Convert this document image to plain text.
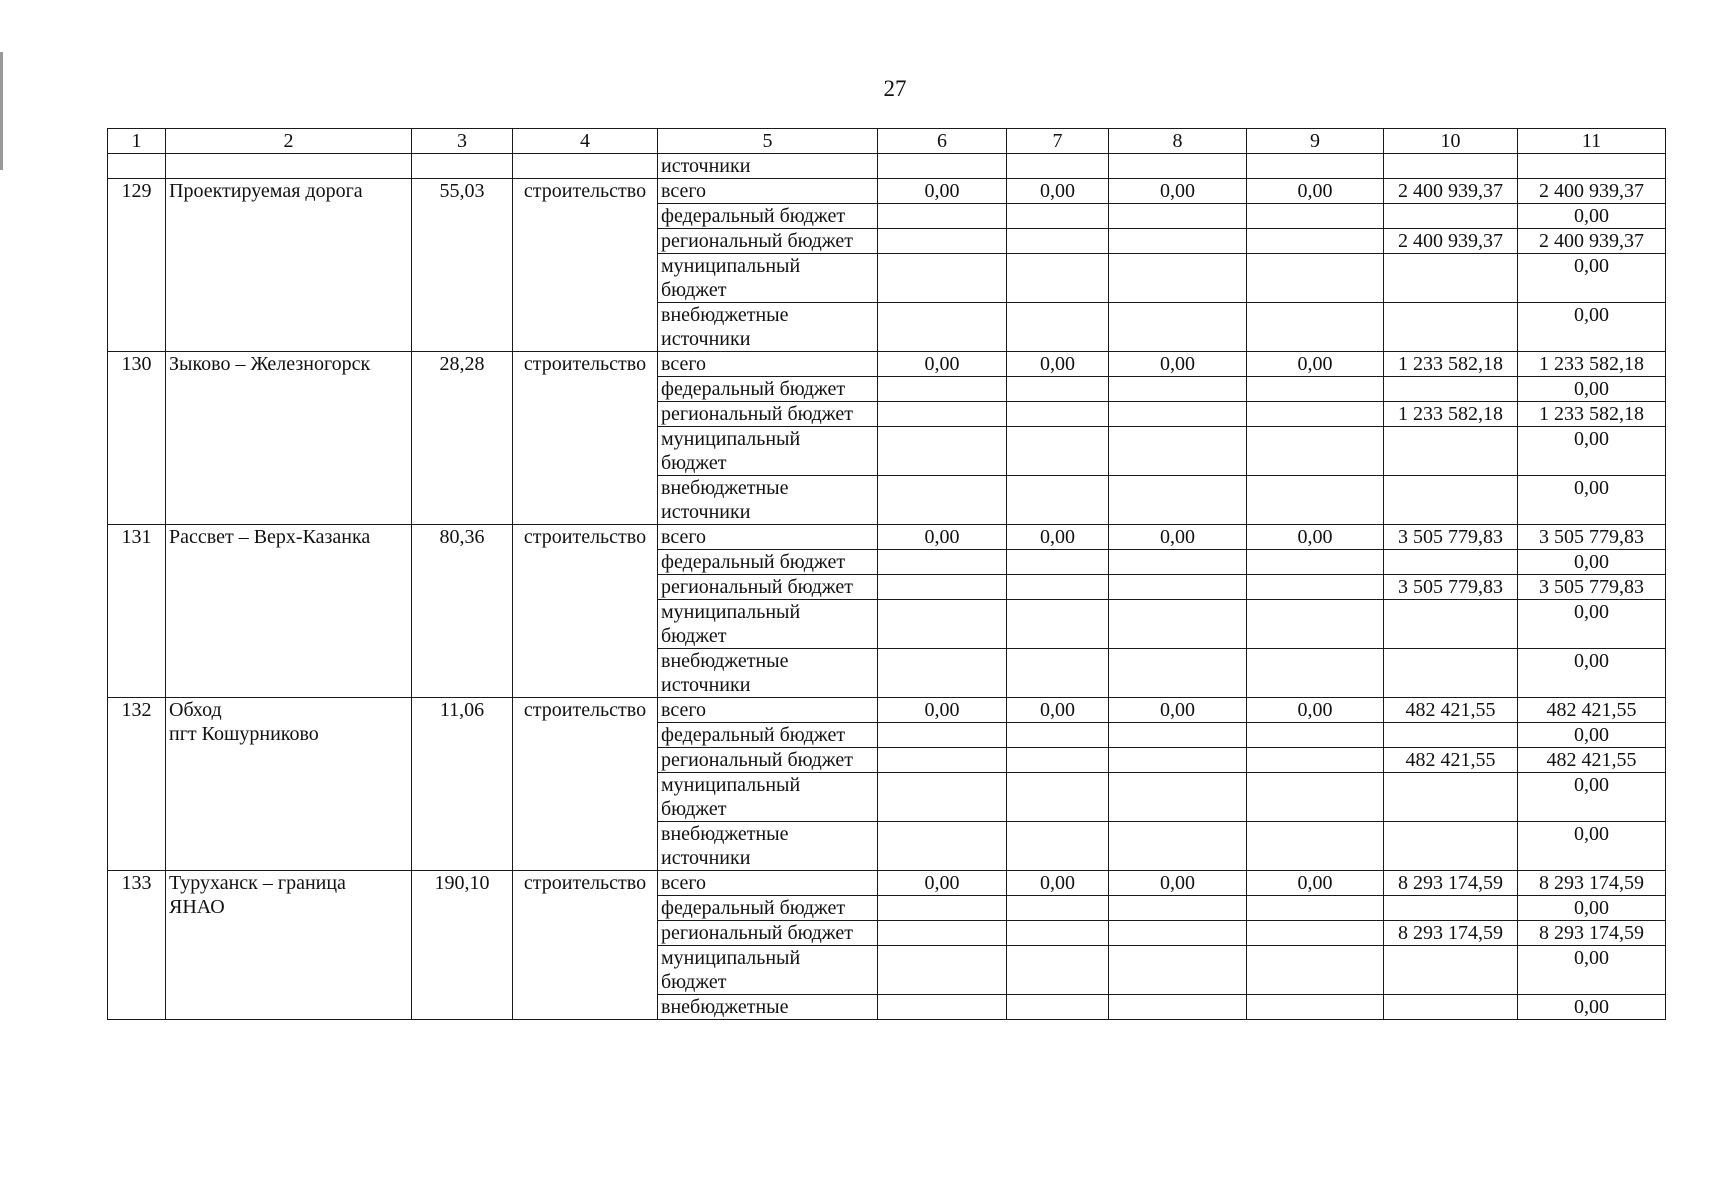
27
1	2	3	4	5	6	7	8	9	10	11
				источники						
129	Проектируемая дорога	55,03	строительство	всего	0,00	0,00	0,00	0,00	2 400 939,37	2 400 939,37
				федеральный бюджет						0,00
				региональный бюджет					2 400 939,37	2 400 939,37
				муниципальный
бюджет						0,00
				внебюджетные
источники						0,00
130	Зыково – Железногорск	28,28	строительство	всего	0,00	0,00	0,00	0,00	1 233 582,18	1 233 582,18
				федеральный бюджет						0,00
				региональный бюджет					1 233 582,18	1 233 582,18
				муниципальный
бюджет						0,00
				внебюджетные
источники						0,00
131	Рассвет – Верх-Казанка	80,36	строительство	всего	0,00	0,00	0,00	0,00	3 505 779,83	3 505 779,83
				федеральный бюджет						0,00
				региональный бюджет					3 505 779,83	3 505 779,83
				муниципальный
бюджет						0,00
				внебюджетные
источники						0,00
132	Обход
пгт Кошурниково	11,06	строительство	всего	0,00	0,00	0,00	0,00	482 421,55	482 421,55
				федеральный бюджет						0,00
				региональный бюджет					482 421,55	482 421,55
				муниципальный
бюджет						0,00
				внебюджетные
источники						0,00
133	Туруханск – граница
ЯНАО	190,10	строительство	всего	0,00	0,00	0,00	0,00	8 293 174,59	8 293 174,59
				федеральный бюджет						0,00
				региональный бюджет					8 293 174,59	8 293 174,59
				муниципальный
бюджет						0,00
				внебюджетные						0,00
